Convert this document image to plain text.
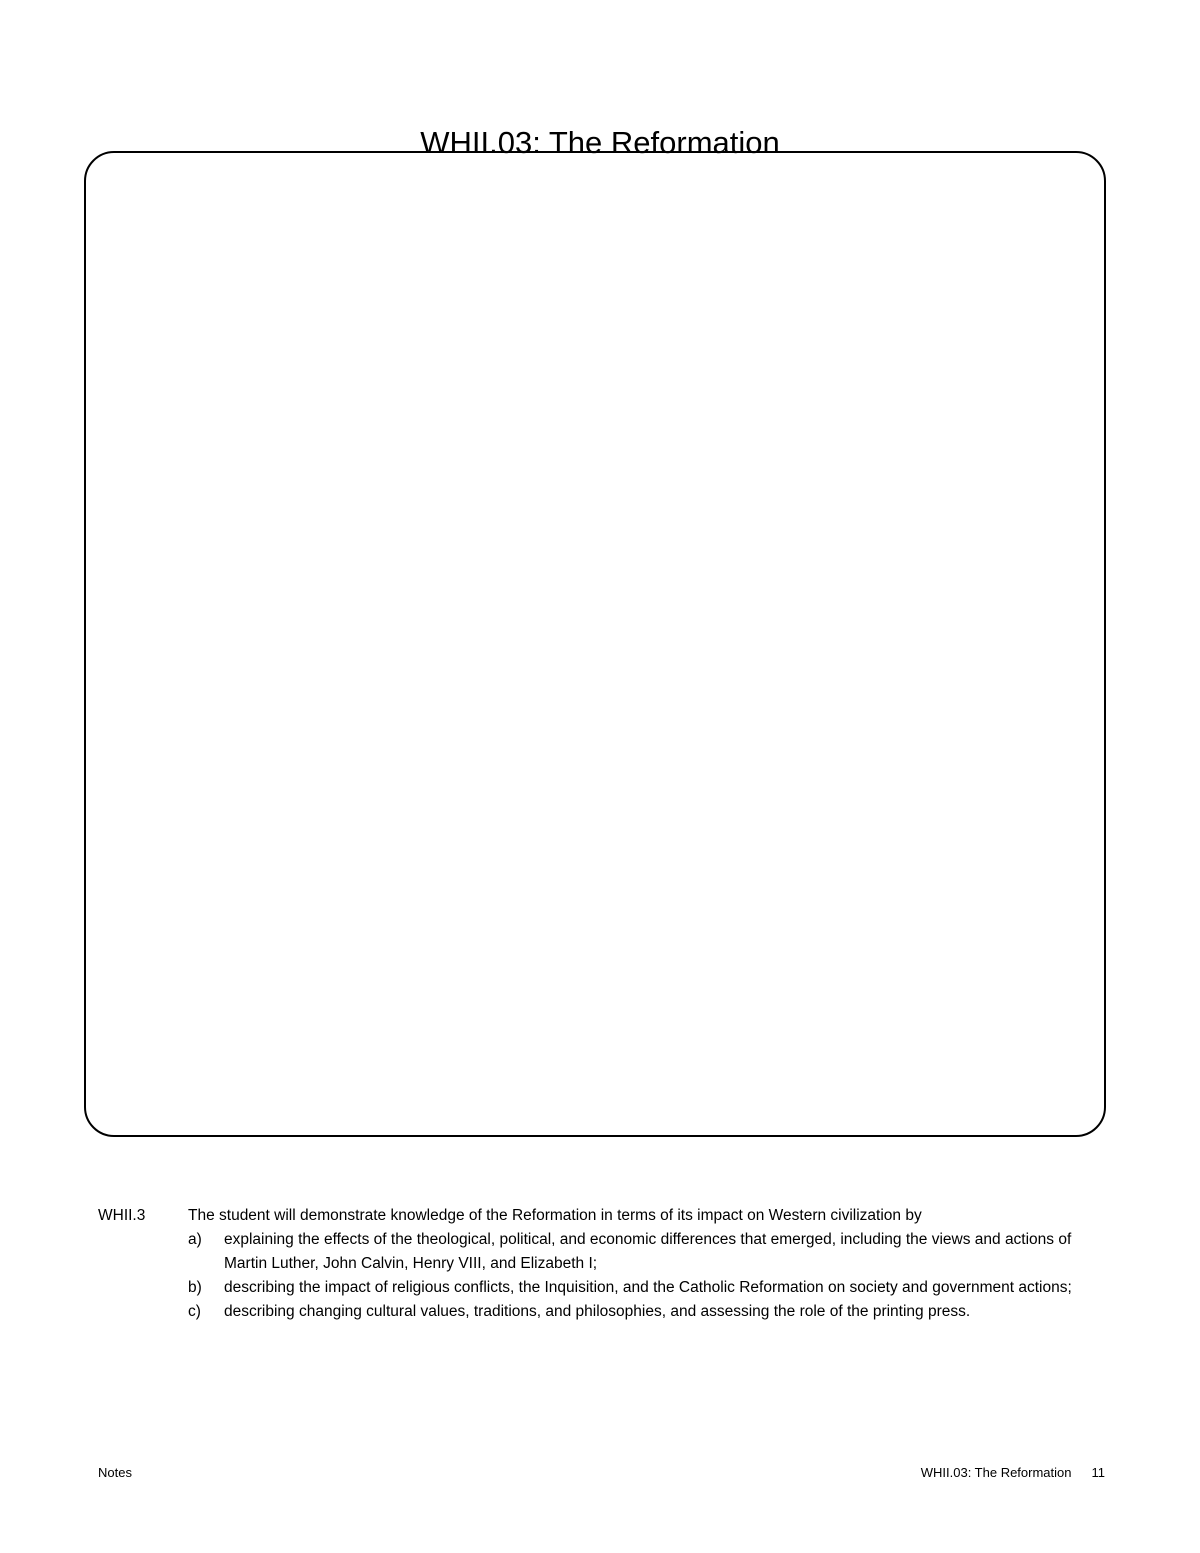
WHII.03: The Reformation
WHII.3	The student will demonstrate knowledge of the Reformation in terms of its impact on Western civilization by
a)	explaining the effects of the theological, political, and economic differences that emerged, including the views and actions of Martin Luther, John Calvin, Henry VIII, and Elizabeth I;
b)	describing the impact of religious conflicts, the Inquisition, and the Catholic Reformation on society and government actions;
c)	describing changing cultural values, traditions, and philosophies, and assessing the role of the printing press.
Notes	WHII.03: The Reformation 11
